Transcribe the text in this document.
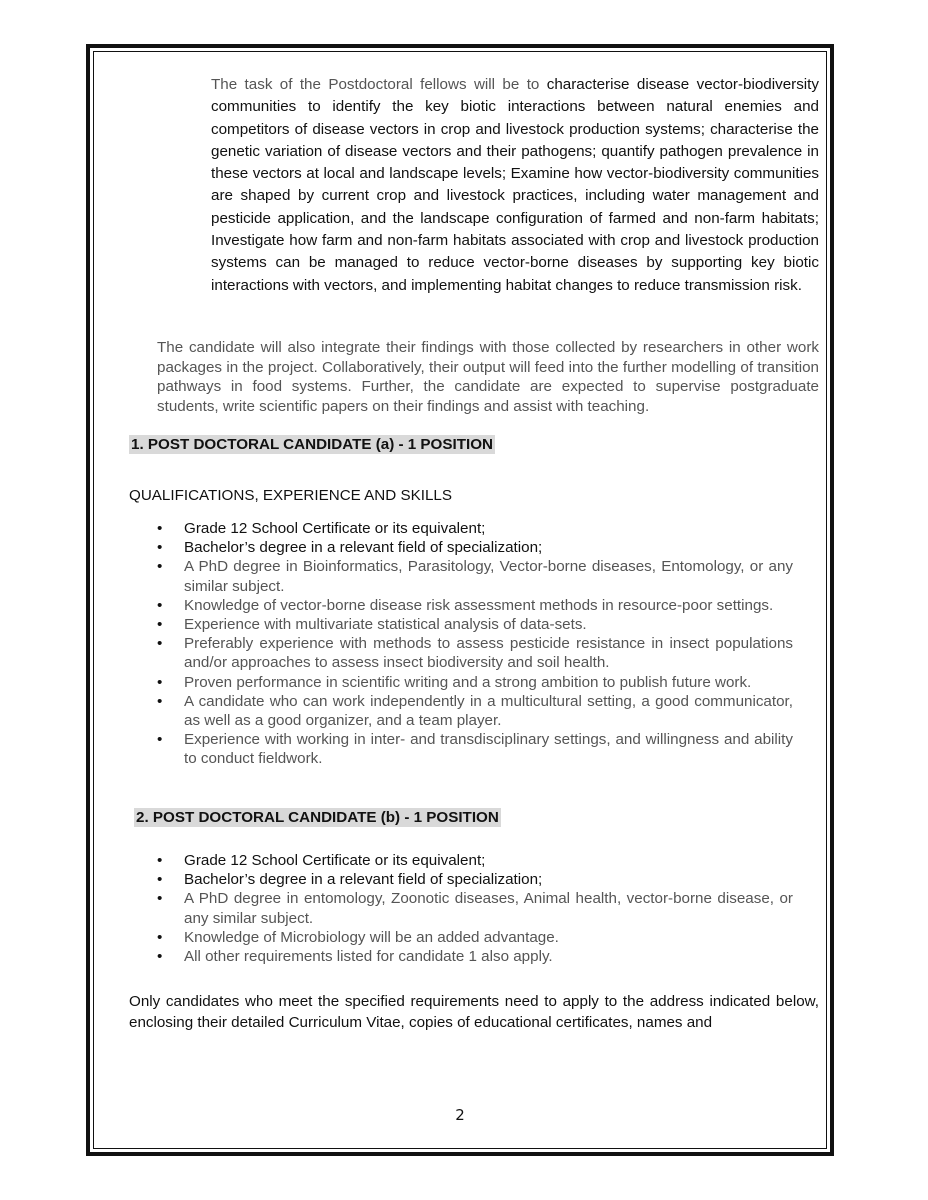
The task of the Postdoctoral fellows will be to characterise disease vector-biodiversity communities to identify the key biotic interactions between natural enemies and competitors of disease vectors in crop and livestock production systems; characterise the genetic variation of disease vectors and their pathogens; quantify pathogen prevalence in these vectors at local and landscape levels; Examine how vector-biodiversity communities are shaped by current crop and livestock practices, including water management and pesticide application, and the landscape configuration of farmed and non-farm habitats; Investigate how farm and non-farm habitats associated with crop and livestock production systems can be managed to reduce vector-borne diseases by supporting key biotic interactions with vectors, and implementing habitat changes to reduce transmission risk.

The candidate will also integrate their findings with those collected by researchers in other work packages in the project. Collaboratively, their output will feed into the further modelling of transition pathways in food systems. Further, the candidate are expected to supervise postgraduate students, write scientific papers on their findings and assist with teaching.

1. POST DOCTORAL CANDIDATE (a) - 1 POSITION
QUALIFICATIONS, EXPERIENCE AND SKILLS
• Grade 12 School Certificate or its equivalent;
• Bachelor’s degree in a relevant field of specialization;
• A PhD degree in Bioinformatics, Parasitology, Vector-borne diseases, Entomology, or any similar subject.
• Knowledge of vector-borne disease risk assessment methods in resource-poor settings.
• Experience with multivariate statistical analysis of data-sets.
• Preferably experience with methods to assess pesticide resistance in insect populations and/or approaches to assess insect biodiversity and soil health.
• Proven performance in scientific writing and a strong ambition to publish future work.
• A candidate who can work independently in a multicultural setting, a good communicator, as well as a good organizer, and a team player.
• Experience with working in inter- and transdisciplinary settings, and willingness and ability to conduct fieldwork.
2. POST DOCTORAL CANDIDATE (b) - 1 POSITION
• Grade 12 School Certificate or its equivalent;
• Bachelor’s degree in a relevant field of specialization;
• A PhD degree in entomology, Zoonotic diseases, Animal health, vector-borne disease, or any similar subject.
• Knowledge of Microbiology will be an added advantage.
• All other requirements listed for candidate 1 also apply.

Only candidates who meet the specified requirements need to apply to the address indicated below, enclosing their detailed Curriculum Vitae, copies of educational certificates, names and

2
